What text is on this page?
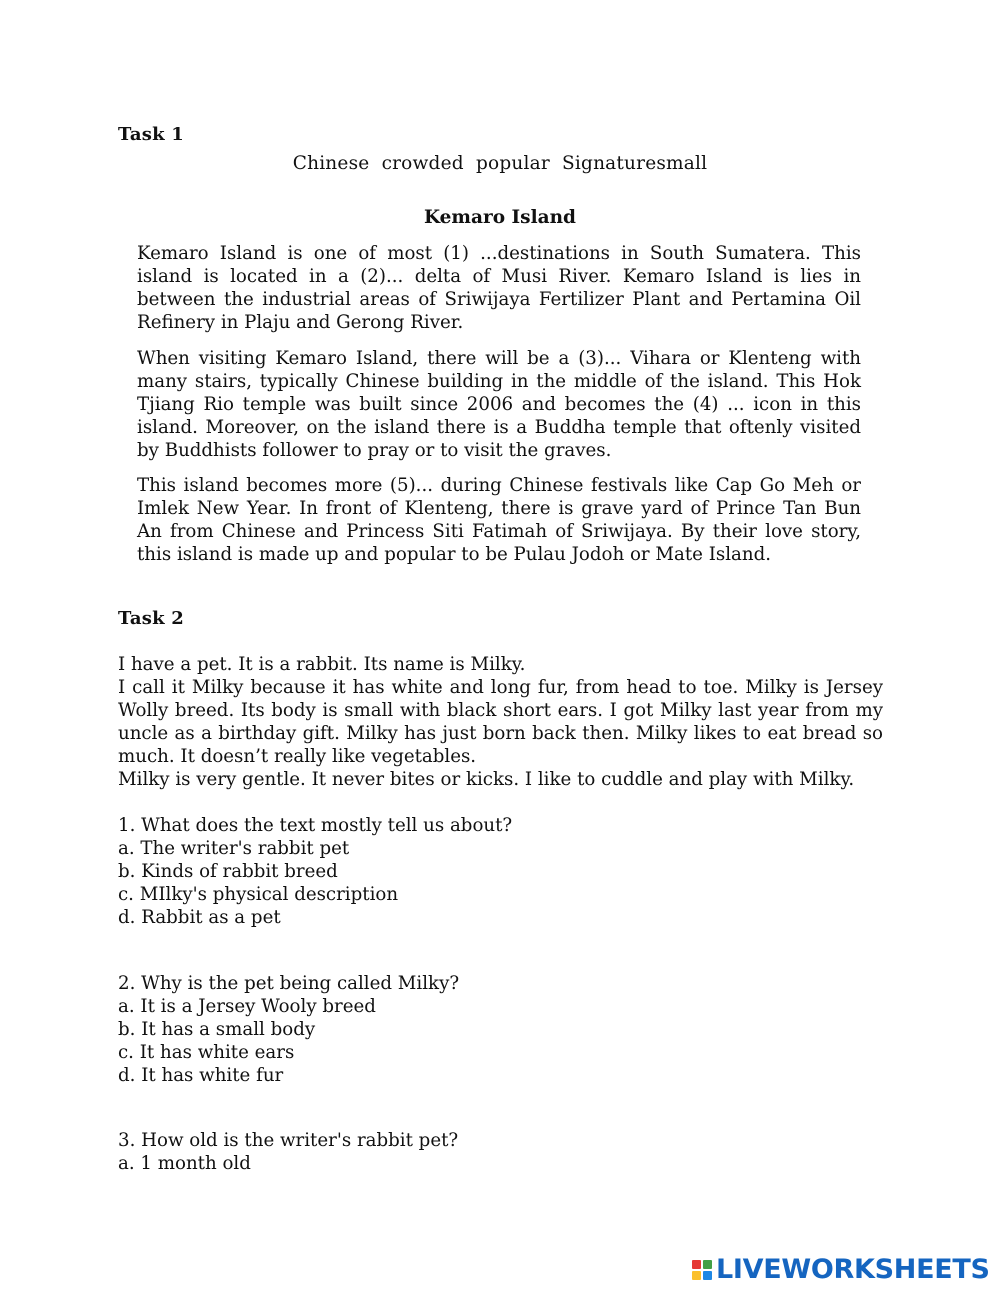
Task 1
Chinese  crowded  popular  Signaturesmall
Kemaro Island

Kemaro Island is one of most (1) ...destinations in South Sumatera. This island is located in a (2)... delta of Musi River. Kemaro Island is lies in between the industrial areas of Sriwijaya Fertilizer Plant and Pertamina Oil Refinery in Plaju and Gerong River.

When visiting Kemaro Island, there will be a (3)... Vihara or Klenteng with many stairs, typically Chinese building in the middle of the island. This Hok Tjiang Rio temple was built since 2006 and becomes the (4) ... icon in this island. Moreover, on the island there is a Buddha temple that oftenly visited by Buddhists follower to pray or to visit the graves.

This island becomes more (5)... during Chinese festivals like Cap Go Meh or Imlek New Year. In front of Klenteng, there is grave yard of Prince Tan Bun An from Chinese and Princess Siti Fatimah of Sriwijaya. By their love story, this island is made up and popular to be Pulau Jodoh or Mate Island.

Task 2
I have a pet. It is a rabbit. Its name is Milky.

I call it Milky because it has white and long fur, from head to toe. Milky is Jersey Wolly breed. Its body is small with black short ears. I got Milky last year from my uncle as a birthday gift. Milky has just born back then. Milky likes to eat bread so much. It doesn’t really like vegetables.

Milky is very gentle. It never bites or kicks. I like to cuddle and play with Milky.
1. What does the text mostly tell us about?
a. The writer's rabbit pet
b. Kinds of rabbit breed
c. MIlky's physical description
d. Rabbit as a pet
2. Why is the pet being called Milky?
a. It is a Jersey Wooly breed
b. It has a small body
c. It has white ears
d. It has white fur
3. How old is the writer's rabbit pet?
a. 1 month old
LIVEWORKSHEETS
